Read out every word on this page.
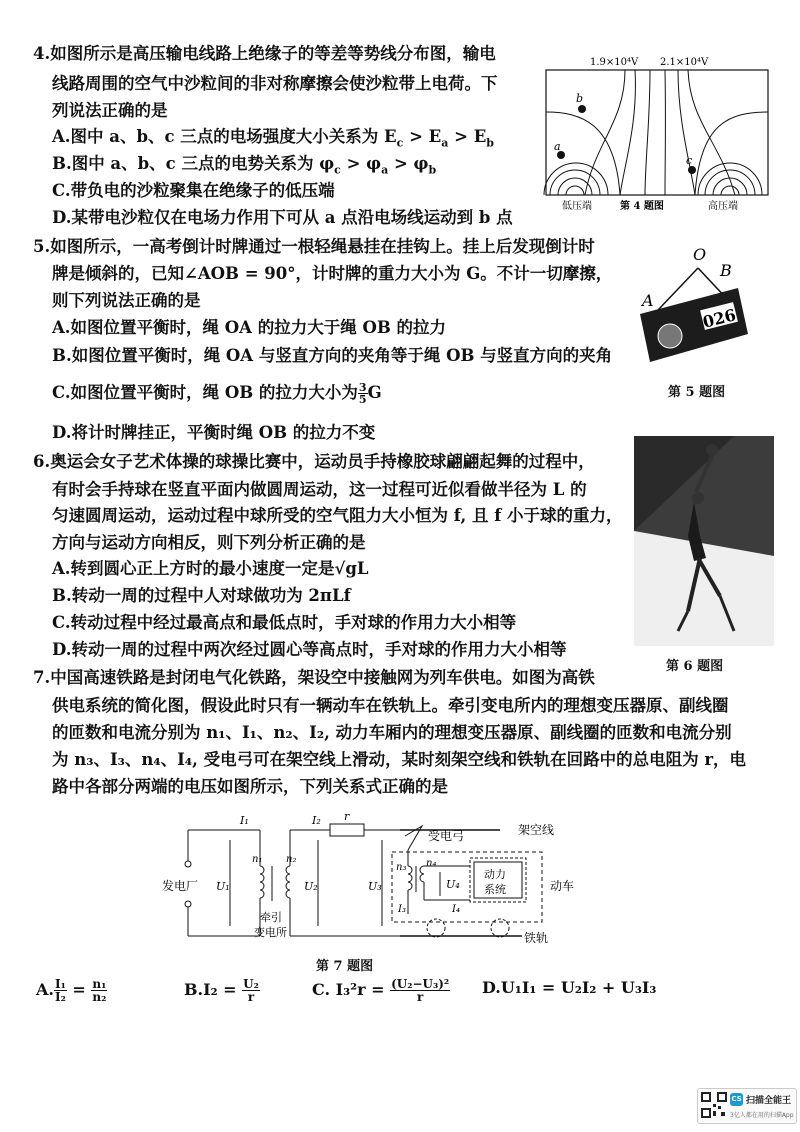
4.如图所示是高压输电线路上绝缘子的等差等势线分布图，输电
线路周围的空气中沙粒间的非对称摩擦会使沙粒带上电荷。下
列说法正确的是
A.图中 a、b、c 三点的电场强度大小关系为 $E_c > E_a > E_b$
B.图中 a、b、c 三点的电势关系为 $\varphi_c > \varphi_a > \varphi_b$
C.带负电的沙粒聚集在绝缘子的低压端
D.某带电沙粒仅在电场力作用下可从 a 点沿电场线运动到 b 点
1.9×10⁴V 2.1×10⁴V
b
a
c
低压端	第 4 题图	高压端
5.如图所示，一高考倒计时牌通过一根轻绳悬挂在挂钩上。挂上后发现倒计时
牌是倾斜的，已知∠AOB = 90°，计时牌的重力大小为 G。不计一切摩擦，
则下列说法正确的是
A.如图位置平衡时，绳 OA 的拉力大于绳 OB 的拉力
B.如图位置平衡时，绳 OA 与竖直方向的夹角等于绳 OB 与竖直方向的夹角
C.如图位置平衡时，绳 OB 的拉力大小为 $\frac{3}{5}$ G
D.将计时牌挂正，平衡时绳 OB 的拉力不变
O
B
A
026
第 5 题图
6.奥运会女子艺术体操的球操比赛中，运动员手持橡胶球翩翩起舞的过程中，
有时会手持球在竖直平面内做圆周运动，这一过程可近似看做半径为 L 的
匀速圆周运动，运动过程中球所受的空气阻力大小恒为 f, 且 f 小于球的重力，
方向与运动方向相反，则下列分析正确的是
A.转到圆心正上方时的最小速度一定是√gL
B.转动一周的过程中人对球做功为 2πLf
C.转动过程中经过最高点和最低点时，手对球的作用力大小相等
D.转动一周的过程中两次经过圆心等高点时，手对球的作用力大小相等
第 6 题图
7.中国高速铁路是封闭电气化铁路，架设空中接触网为列车供电。如图为高铁
供电系统的简化图，假设此时只有一辆动车在铁轨上。牵引变电所内的理想变压器原、副线圈
的匝数和电流分别为 n₁、I₁、n₂、I₂, 动力车厢内的理想变压器原、副线圈的匝数和电流分别
为 n₃、I₃、n₄、I₄, 受电弓可在架空线上滑动，某时刻架空线和铁轨在回路中的总电阻为 r，电
路中各部分两端的电压如图所示，下列关系式正确的是
发电厂
I₁
U₁
n₁ n₂
牵引
变电所
I₂ r
U₂	U₃
受电弓	架空线
动车
n₃
I₃
n₄
U₄
动力
系统
I₄
铁轨
第 7 题图
A. $\frac{\text{I₁}}{\text{I₂}} = \frac{\text{n₁}}{\text{n₂}}$	$B.I_2 = \frac{\text{U₂}}{r}$	C. $I_3^2r = \frac{\text{(U₂−U₃)²}}{r} D.U_1I_1 = U_2I_2 + U_3I_3$
CS 扫描全能王
3亿人都在用的扫描App
